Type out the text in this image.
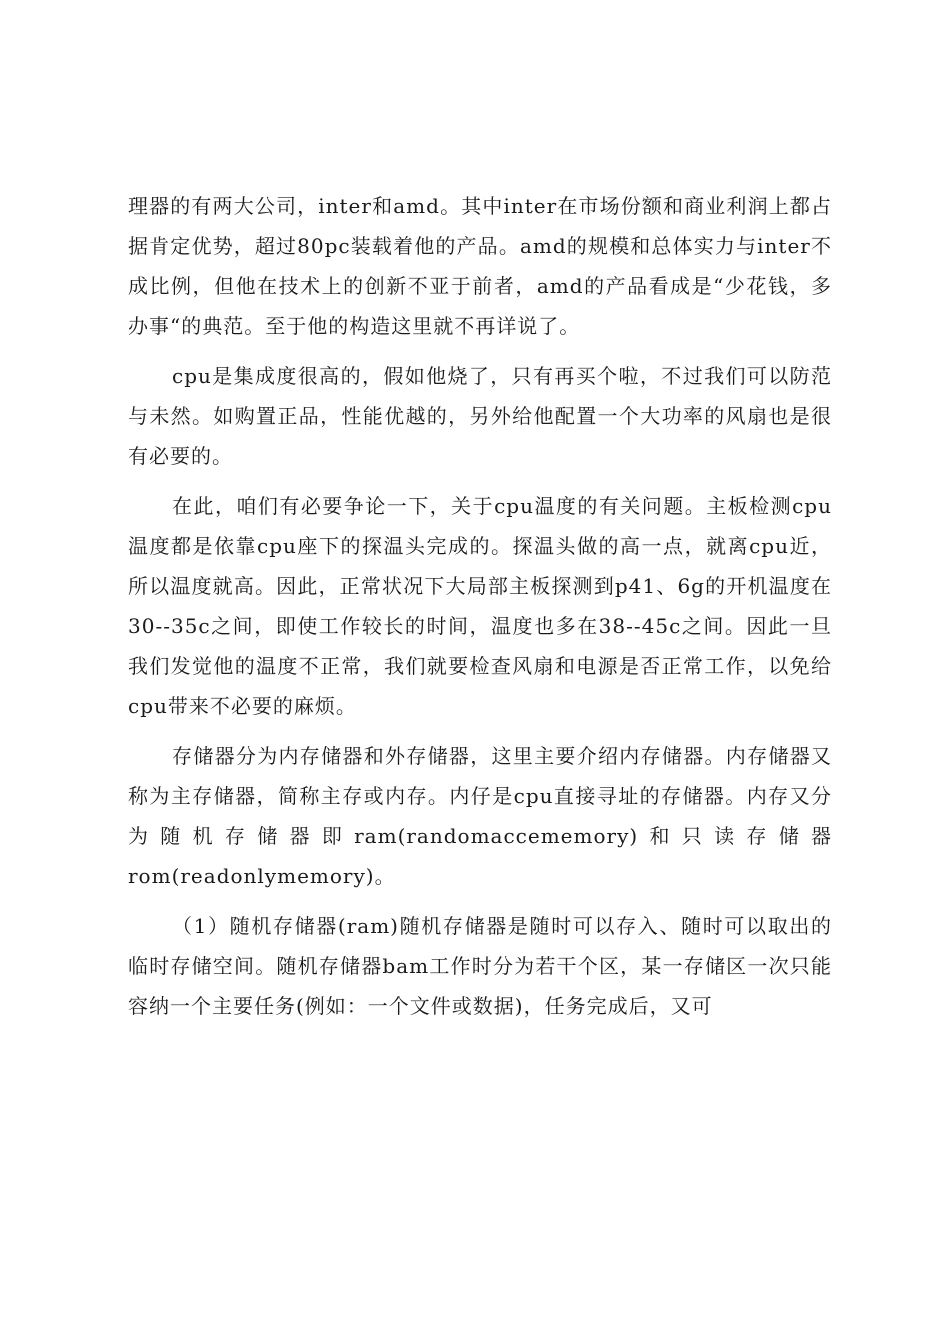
理器的有两大公司，inter和amd。其中inter在市场份额和商业利润上都占据肯定优势，超过80pc装载着他的产品。amd的规模和总体实力与inter不成比例，但他在技术上的创新不亚于前者，amd的产品看成是“少花钱，多办事“的典范。至于他的构造这里就不再详说了。

cpu是集成度很高的，假如他烧了，只有再买个啦，不过我们可以防范与未然。如购置正品，性能优越的，另外给他配置一个大功率的风扇也是很有必要的。

在此，咱们有必要争论一下，关于cpu温度的有关问题。主板检测cpu温度都是依靠cpu座下的探温头完成的。探温头做的高一点，就离cpu近，所以温度就高。因此，正常状况下大局部主板探测到p41、6g的开机温度在30--35c之间，即使工作较长的时间，温度也多在38--45c之间。因此一旦我们发觉他的温度不正常，我们就要检查风扇和电源是否正常工作，以免给cpu带来不必要的麻烦。

存储器分为内存储器和外存储器，这里主要介绍内存储器。内存储器又称为主存储器，简称主存或内存。内仔是cpu直接寻址的存储器。内存又分为随机存储器即ram(randomaccememory)和只读存储器rom(readonlymemory)。

（1）随机存储器(ram)随机存储器是随时可以存入、随时可以取出的临时存储空间。随机存储器bam工作时分为若干个区，某一存储区一次只能容纳一个主要任务(例如：一个文件或数据)，任务完成后，又可
